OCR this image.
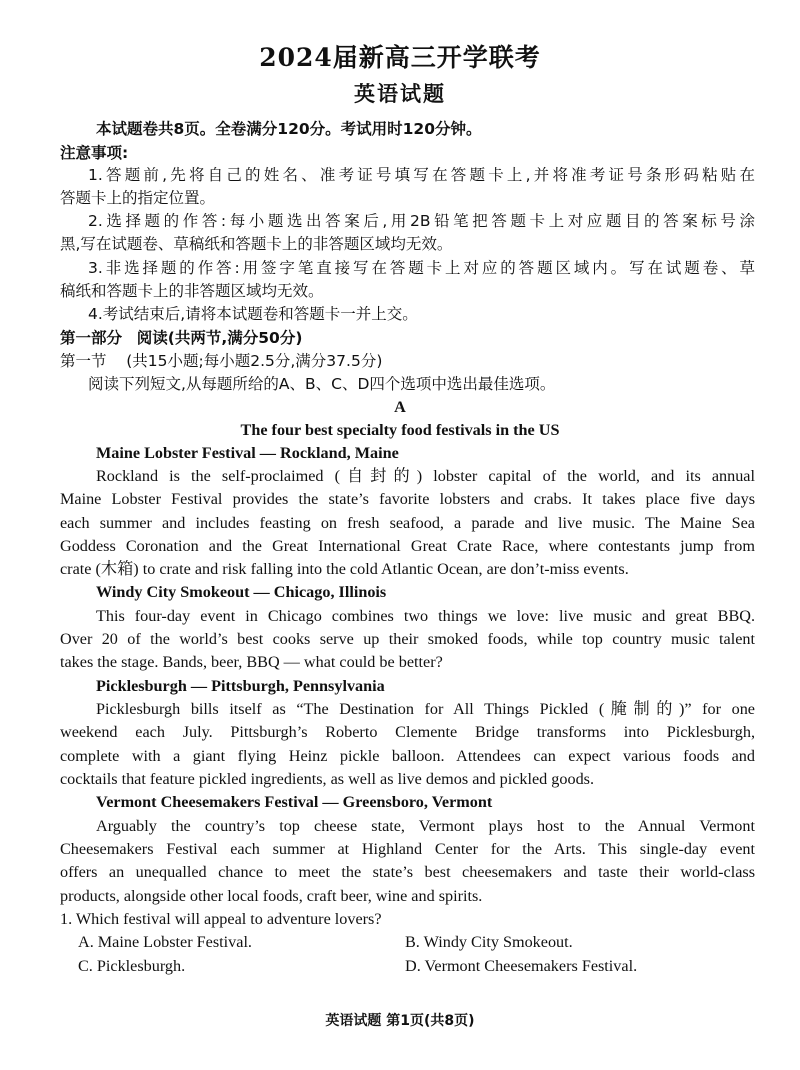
2024届新高三开学联考
英语试题
本试题卷共8页。全卷满分120分。考试用时120分钟。
注意事项:
1.答题前,先将自己的姓名、准考证号填写在答题卡上,并将准考证号条形码粘贴在
答题卡上的指定位置。
2.选择题的作答:每小题选出答案后,用2B铅笔把答题卡上对应题目的答案标号涂
黑,写在试题卷、草稿纸和答题卡上的非答题区域均无效。
3.非选择题的作答:用签字笔直接写在答题卡上对应的答题区域内。写在试题卷、草
稿纸和答题卡上的非答题区域均无效。
4.考试结束后,请将本试题卷和答题卡一并上交。
第一部分 阅读(共两节,满分50分)
第一节 (共15小题;每小题2.5分,满分37.5分)
阅读下列短文,从每题所给的A、B、C、D四个选项中选出最佳选项。
A
The four best specialty food festivals in the US
Maine Lobster Festival — Rockland, Maine
Rockland is the self-proclaimed (自封的) lobster capital of the world, and its annual
Maine Lobster Festival provides the state’s favorite lobsters and crabs. It takes place five days
each summer and includes feasting on fresh seafood, a parade and live music. The Maine Sea
Goddess Coronation and the Great International Great Crate Race, where contestants jump from
crate (木箱) to crate and risk falling into the cold Atlantic Ocean, are don’t-miss events.
Windy City Smokeout — Chicago, Illinois
This four-day event in Chicago combines two things we love: live music and great BBQ.
Over 20 of the world’s best cooks serve up their smoked foods, while top country music talent
takes the stage. Bands, beer, BBQ — what could be better?
Picklesburgh — Pittsburgh, Pennsylvania
Picklesburgh bills itself as “The Destination for All Things Pickled (腌制的)” for one
weekend each July. Pittsburgh’s Roberto Clemente Bridge transforms into Picklesburgh,
complete with a giant flying Heinz pickle balloon. Attendees can expect various foods and
cocktails that feature pickled ingredients, as well as live demos and pickled goods.
Vermont Cheesemakers Festival — Greensboro, Vermont
Arguably the country’s top cheese state, Vermont plays host to the Annual Vermont
Cheesemakers Festival each summer at Highland Center for the Arts. This single-day event
offers an unequalled chance to meet the state’s best cheesemakers and taste their world-class
products, alongside other local foods, craft beer, wine and spirits.
1. Which festival will appeal to adventure lovers?
A. Maine Lobster Festival.	B. Windy City Smokeout.
C. Picklesburgh.	D. Vermont Cheesemakers Festival.
英语试题 第1页(共8页)
